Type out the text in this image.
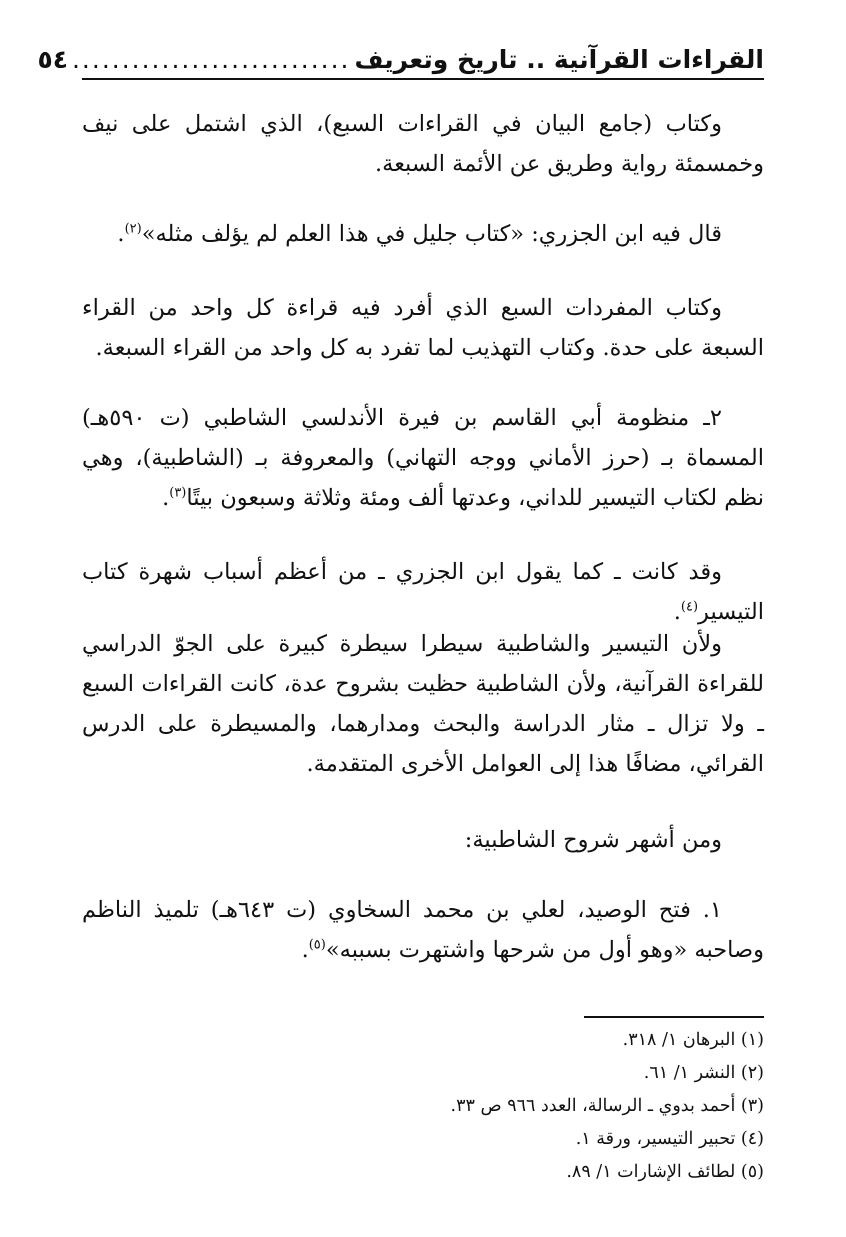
القراءات القرآنية .. تاريخ وتعريف
............................
٥٤

وكتاب (جامع البيان في القراءات السبع)، الذي اشتمل على نيف وخمسمئة رواية وطريق عن الأئمة السبعة.

قال فيه ابن الجزري: «كتاب جليل في هذا العلم لم يؤلف مثله»$^{(٢)}$.

وكتاب المفردات السبع الذي أفرد فيه قراءة كل واحد من القراء السبعة على حدة. وكتاب التهذيب لما تفرد به كل واحد من القراء السبعة.

٢ـ منظومة أبي القاسم بن فيرة الأندلسي الشاطبي (ت ٥٩٠هـ) المسماة بـ (حرز الأماني ووجه التهاني) والمعروفة بـ (الشاطبية)، وهي نظم لكتاب التيسير للداني، وعدتها ألف ومئة وثلاثة وسبعون بيتًا$^{(٣)}$.

وقد كانت ـ كما يقول ابن الجزري ـ من أعظم أسباب شهرة كتاب التيسير$^{(٤)}$.

ولأن التيسير والشاطبية سيطرا سيطرة كبيرة على الجوّ الدراسي للقراءة القرآنية، ولأن الشاطبية حظيت بشروح عدة، كانت القراءات السبع ـ ولا تزال ـ مثار الدراسة والبحث ومدارهما، والمسيطرة على الدرس القرائي، مضافًا هذا إلى العوامل الأخرى المتقدمة.

ومن أشهر شروح الشاطبية:

١. فتح الوصيد، لعلي بن محمد السخاوي (ت ٦٤٣هـ) تلميذ الناظم وصاحبه «وهو أول من شرحها واشتهرت بسببه»$^{(٥)}$.

(١) البرهان ١/ ٣١٨.

(٢) النشر ١/ ٦١.

(٣) أحمد بدوي ـ الرسالة، العدد ٩٦٦ ص ٣٣.

(٤) تحبير التيسير، ورقة ١.

(٥) لطائف الإشارات ١/ ٨٩.
